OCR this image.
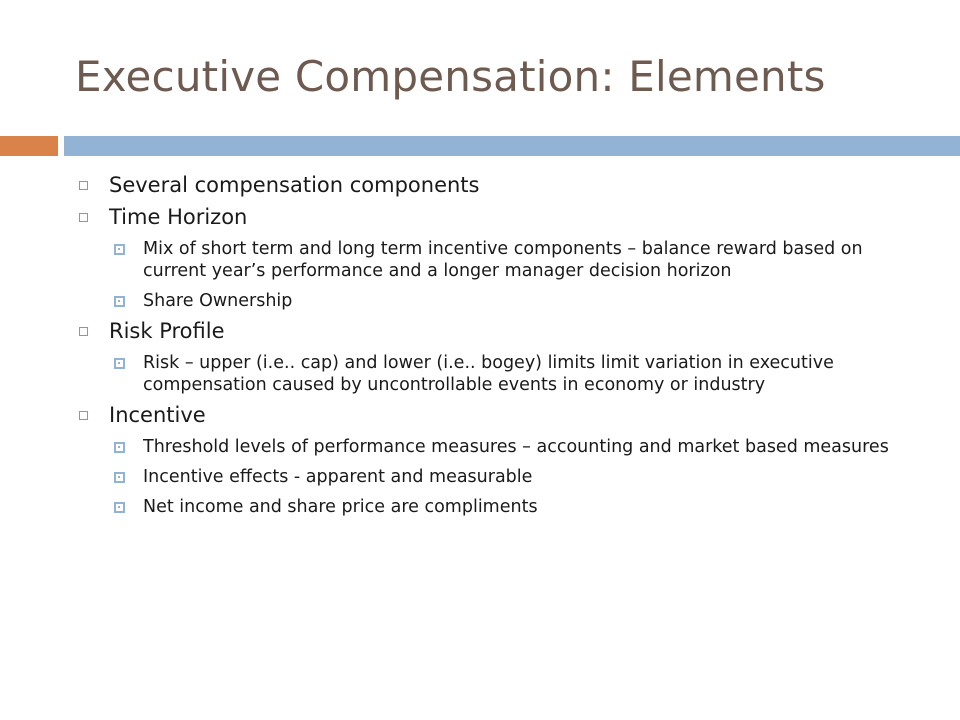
Executive Compensation: Elements
Several compensation components
Time Horizon
Mix of short term and long term incentive components – balance reward based on current year’s performance and a longer manager decision horizon
Share Ownership
Risk Profile
Risk – upper (i.e.. cap) and lower (i.e.. bogey) limits limit variation in executive compensation caused by uncontrollable events in economy or industry
Incentive
Threshold levels of performance measures – accounting and market based measures
Incentive effects - apparent and measurable
Net income and share price are compliments
